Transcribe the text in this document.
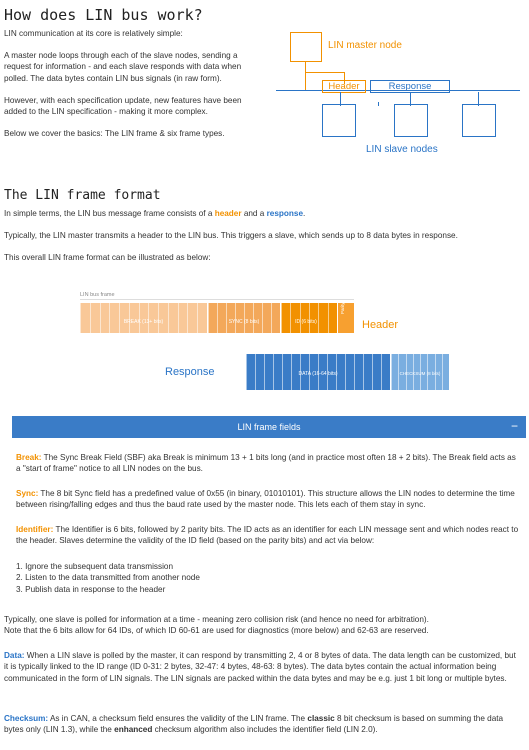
How does LIN bus work?

LIN communication at its core is relatively simple:

A master node loops through each of the slave nodes, sending a request for information - and each slave responds with data when polled. The data bytes contain LIN bus signals (in raw form).

However, with each specification update, new features have been added to the LIN specification - making it more complex.

Below we cover the basics: The LIN frame & six frame types.

LIN master node
Header	Response
LIN slave nodes
The LIN frame format

In simple terms, the LIN bus message frame consists of a header and a response.

Typically, the LIN master transmits a header to the LIN bus. This triggers a slave, which sends up to 8 data bytes in response.

This overall LIN frame format can be illustrated as below:

LIN bus frame
BREAK (13+ bits)	SYNC (8 bits)	ID (6 bits)
Parity
Header
Response	DATA (16-64 bits)	CHECKSUM (8 bits)
LIN frame fields	−
Break: The Sync Break Field (SBF) aka Break is minimum 13 + 1 bits long (and in practice most often 18 + 2 bits). The Break field acts as a "start of frame" notice to all LIN nodes on the bus.
Sync: The 8 bit Sync field has a predefined value of 0x55 (in binary, 01010101). This structure allows the LIN nodes to determine the time between rising/falling edges and thus the baud rate used by the master node. This lets each of them stay in sync.
Identifier: The Identifier is 6 bits, followed by 2 parity bits. The ID acts as an identifier for each LIN message sent and which nodes react to the header. Slaves determine the validity of the ID field (based on the parity bits) and act via below:
1. Ignore the subsequent data transmission
2. Listen to the data transmitted from another node
3. Publish data in response to the header
Typically, one slave is polled for information at a time - meaning zero collision risk (and hence no need for arbitration).
Note that the 6 bits allow for 64 IDs, of which ID 60-61 are used for diagnostics (more below) and 62-63 are reserved.
Data: When a LIN slave is polled by the master, it can respond by transmitting 2, 4 or 8 bytes of data. The data length can be customized, but it is typically linked to the ID range (ID 0-31: 2 bytes, 32-47: 4 bytes, 48-63: 8 bytes). The data bytes contain the actual information being communicated in the form of LIN signals. The LIN signals are packed within the data bytes and may be e.g. just 1 bit long or multiple bytes.
Checksum: As in CAN, a checksum field ensures the validity of the LIN frame. The classic 8 bit checksum is based on summing the data bytes only (LIN 1.3), while the enhanced checksum algorithm also includes the identifier field (LIN 2.0).
